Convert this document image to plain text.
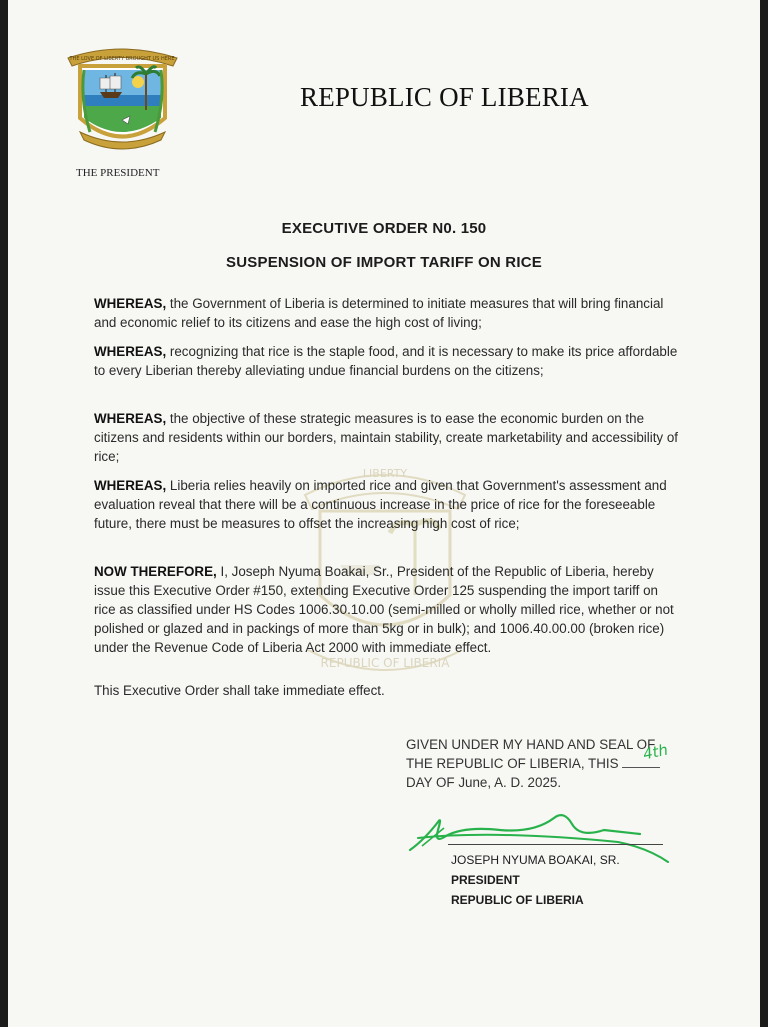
THE LOVE OF LIBERTY BROUGHT US HERE
THE PRESIDENT
REPUBLIC OF LIBERIA
LIBERTY
REPUBLIC OF LIBERIA
EXECUTIVE ORDER N0. 150
SUSPENSION OF IMPORT TARIFF ON RICE
WHEREAS, the Government of Liberia is determined to initiate measures that will bring financial and economic relief to its citizens and ease the high cost of living;
WHEREAS, recognizing that rice is the staple food, and it is necessary to make its price affordable to every Liberian thereby alleviating undue financial burdens on the citizens;
WHEREAS, the objective of these strategic measures is to ease the economic burden on the citizens and residents within our borders, maintain stability, create marketability and accessibility of rice;
WHEREAS, Liberia relies heavily on imported rice and given that Government's assessment and evaluation reveal that there will be a continuous increase in the price of rice for the foreseeable future, there must be measures to offset the increasing high cost of rice;
NOW THEREFORE, I, Joseph Nyuma Boakai, Sr., President of the Republic of Liberia, hereby issue this Executive Order #150, extending Executive Order 125 suspending the import tariff on rice as classified under HS Codes 1006.30.10.00 (semi-milled or wholly milled rice, whether or not polished or glazed and in packings of more than 5kg or in bulk); and 1006.40.00.00 (broken rice) under the Revenue Code of Liberia Act 2000 with immediate effect.
This Executive Order shall take immediate effect.
GIVEN UNDER MY HAND AND SEAL OF
THE REPUBLIC OF LIBERIA, THIS
DAY OF June, A. D. 2025.
4th
JOSEPH NYUMA BOAKAI, SR.
PRESIDENT
REPUBLIC OF LIBERIA
